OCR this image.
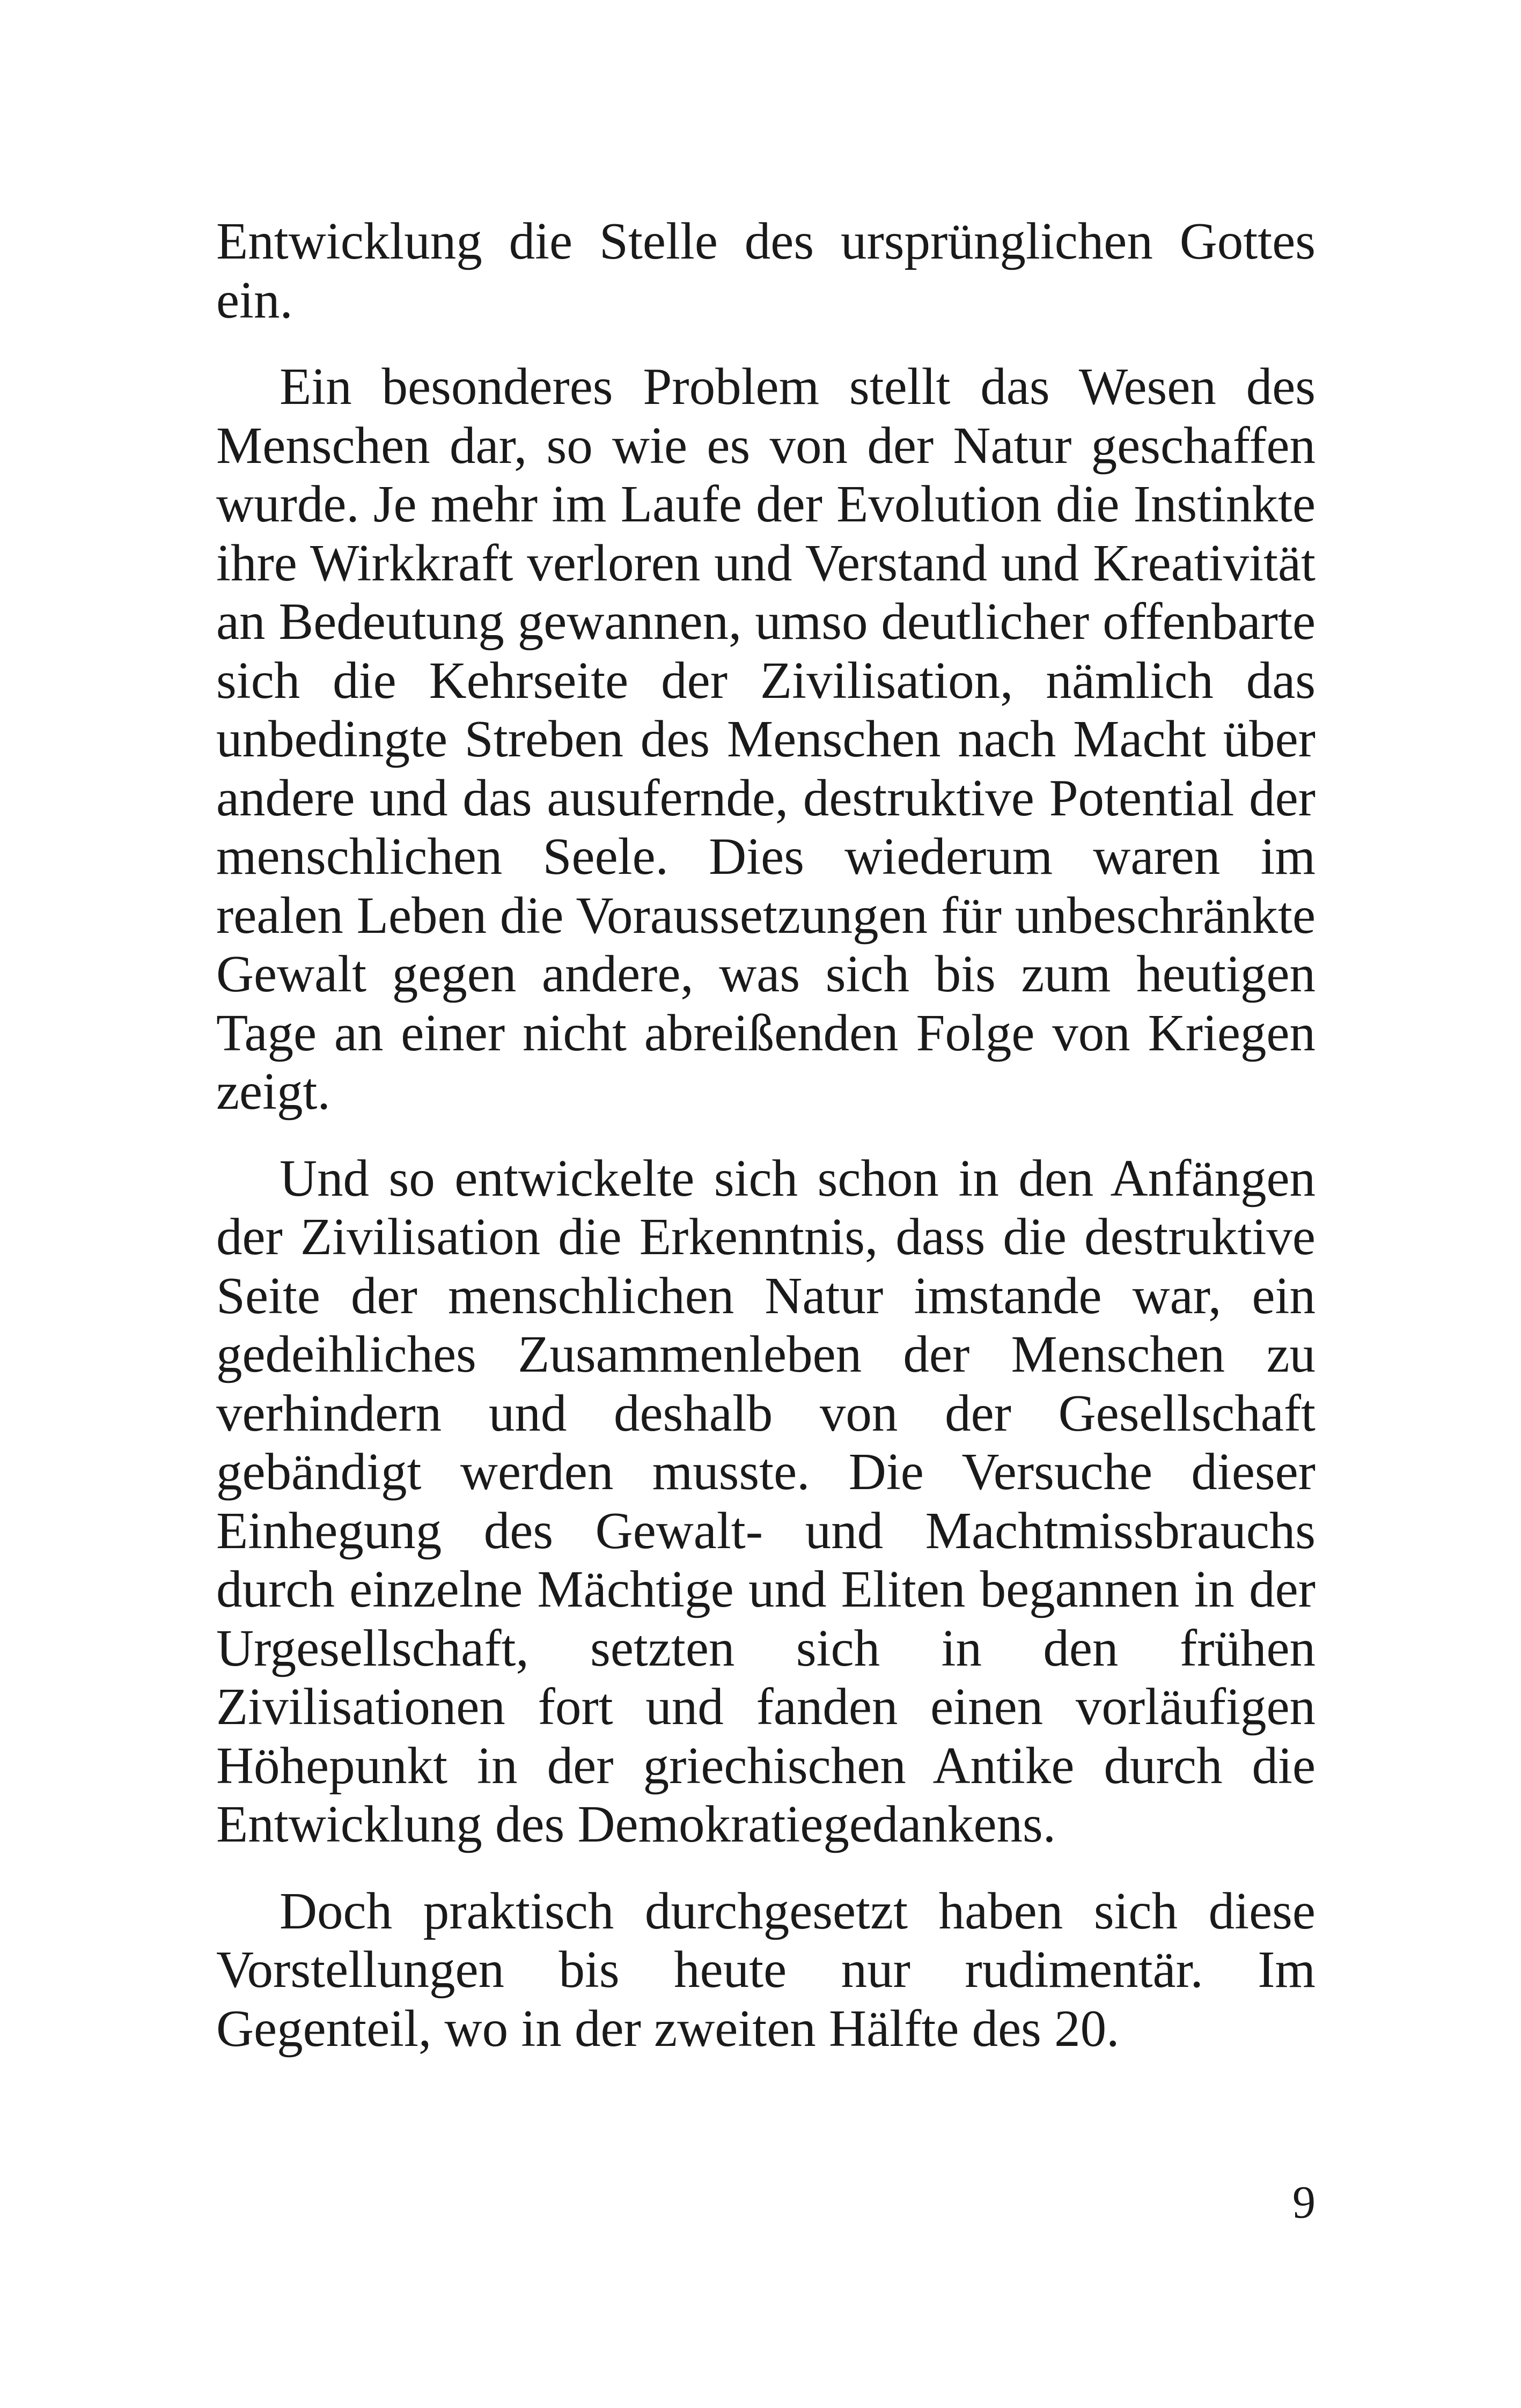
Entwicklung die Stelle des ursprünglichen Gottes ein.

Ein besonderes Problem stellt das Wesen des Menschen dar, so wie es von der Natur geschaffen wurde. Je mehr im Laufe der Evolution die Instinkte ihre Wirkkraft verloren und Verstand und Kreativität an Bedeutung gewannen, umso deutlicher offenbarte sich die Kehrseite der Zivilisation, nämlich das unbedingte Streben des Menschen nach Macht über andere und das ausufernde, destruktive Potential der menschlichen Seele. Dies wiederum waren im realen Leben die Voraussetzungen für unbeschränkte Gewalt gegen andere, was sich bis zum heutigen Tage an einer nicht abreißenden Folge von Kriegen zeigt.

Und so entwickelte sich schon in den Anfängen der Zivilisation die Erkenntnis, dass die destruktive Seite der menschlichen Natur imstande war, ein gedeihliches Zusammenleben der Menschen zu verhindern und deshalb von der Gesellschaft gebändigt werden musste. Die Versuche dieser Einhegung des Gewalt- und Machtmissbrauchs durch einzelne Mächtige und Eliten begannen in der Urgesellschaft, setzten sich in den frühen Zivilisationen fort und fanden einen vorläufigen Höhepunkt in der griechischen Antike durch die Entwicklung des Demokratiegedankens.

Doch praktisch durchgesetzt haben sich diese Vorstellungen bis heute nur rudimentär. Im Gegenteil, wo in der zweiten Hälfte des 20.

9
